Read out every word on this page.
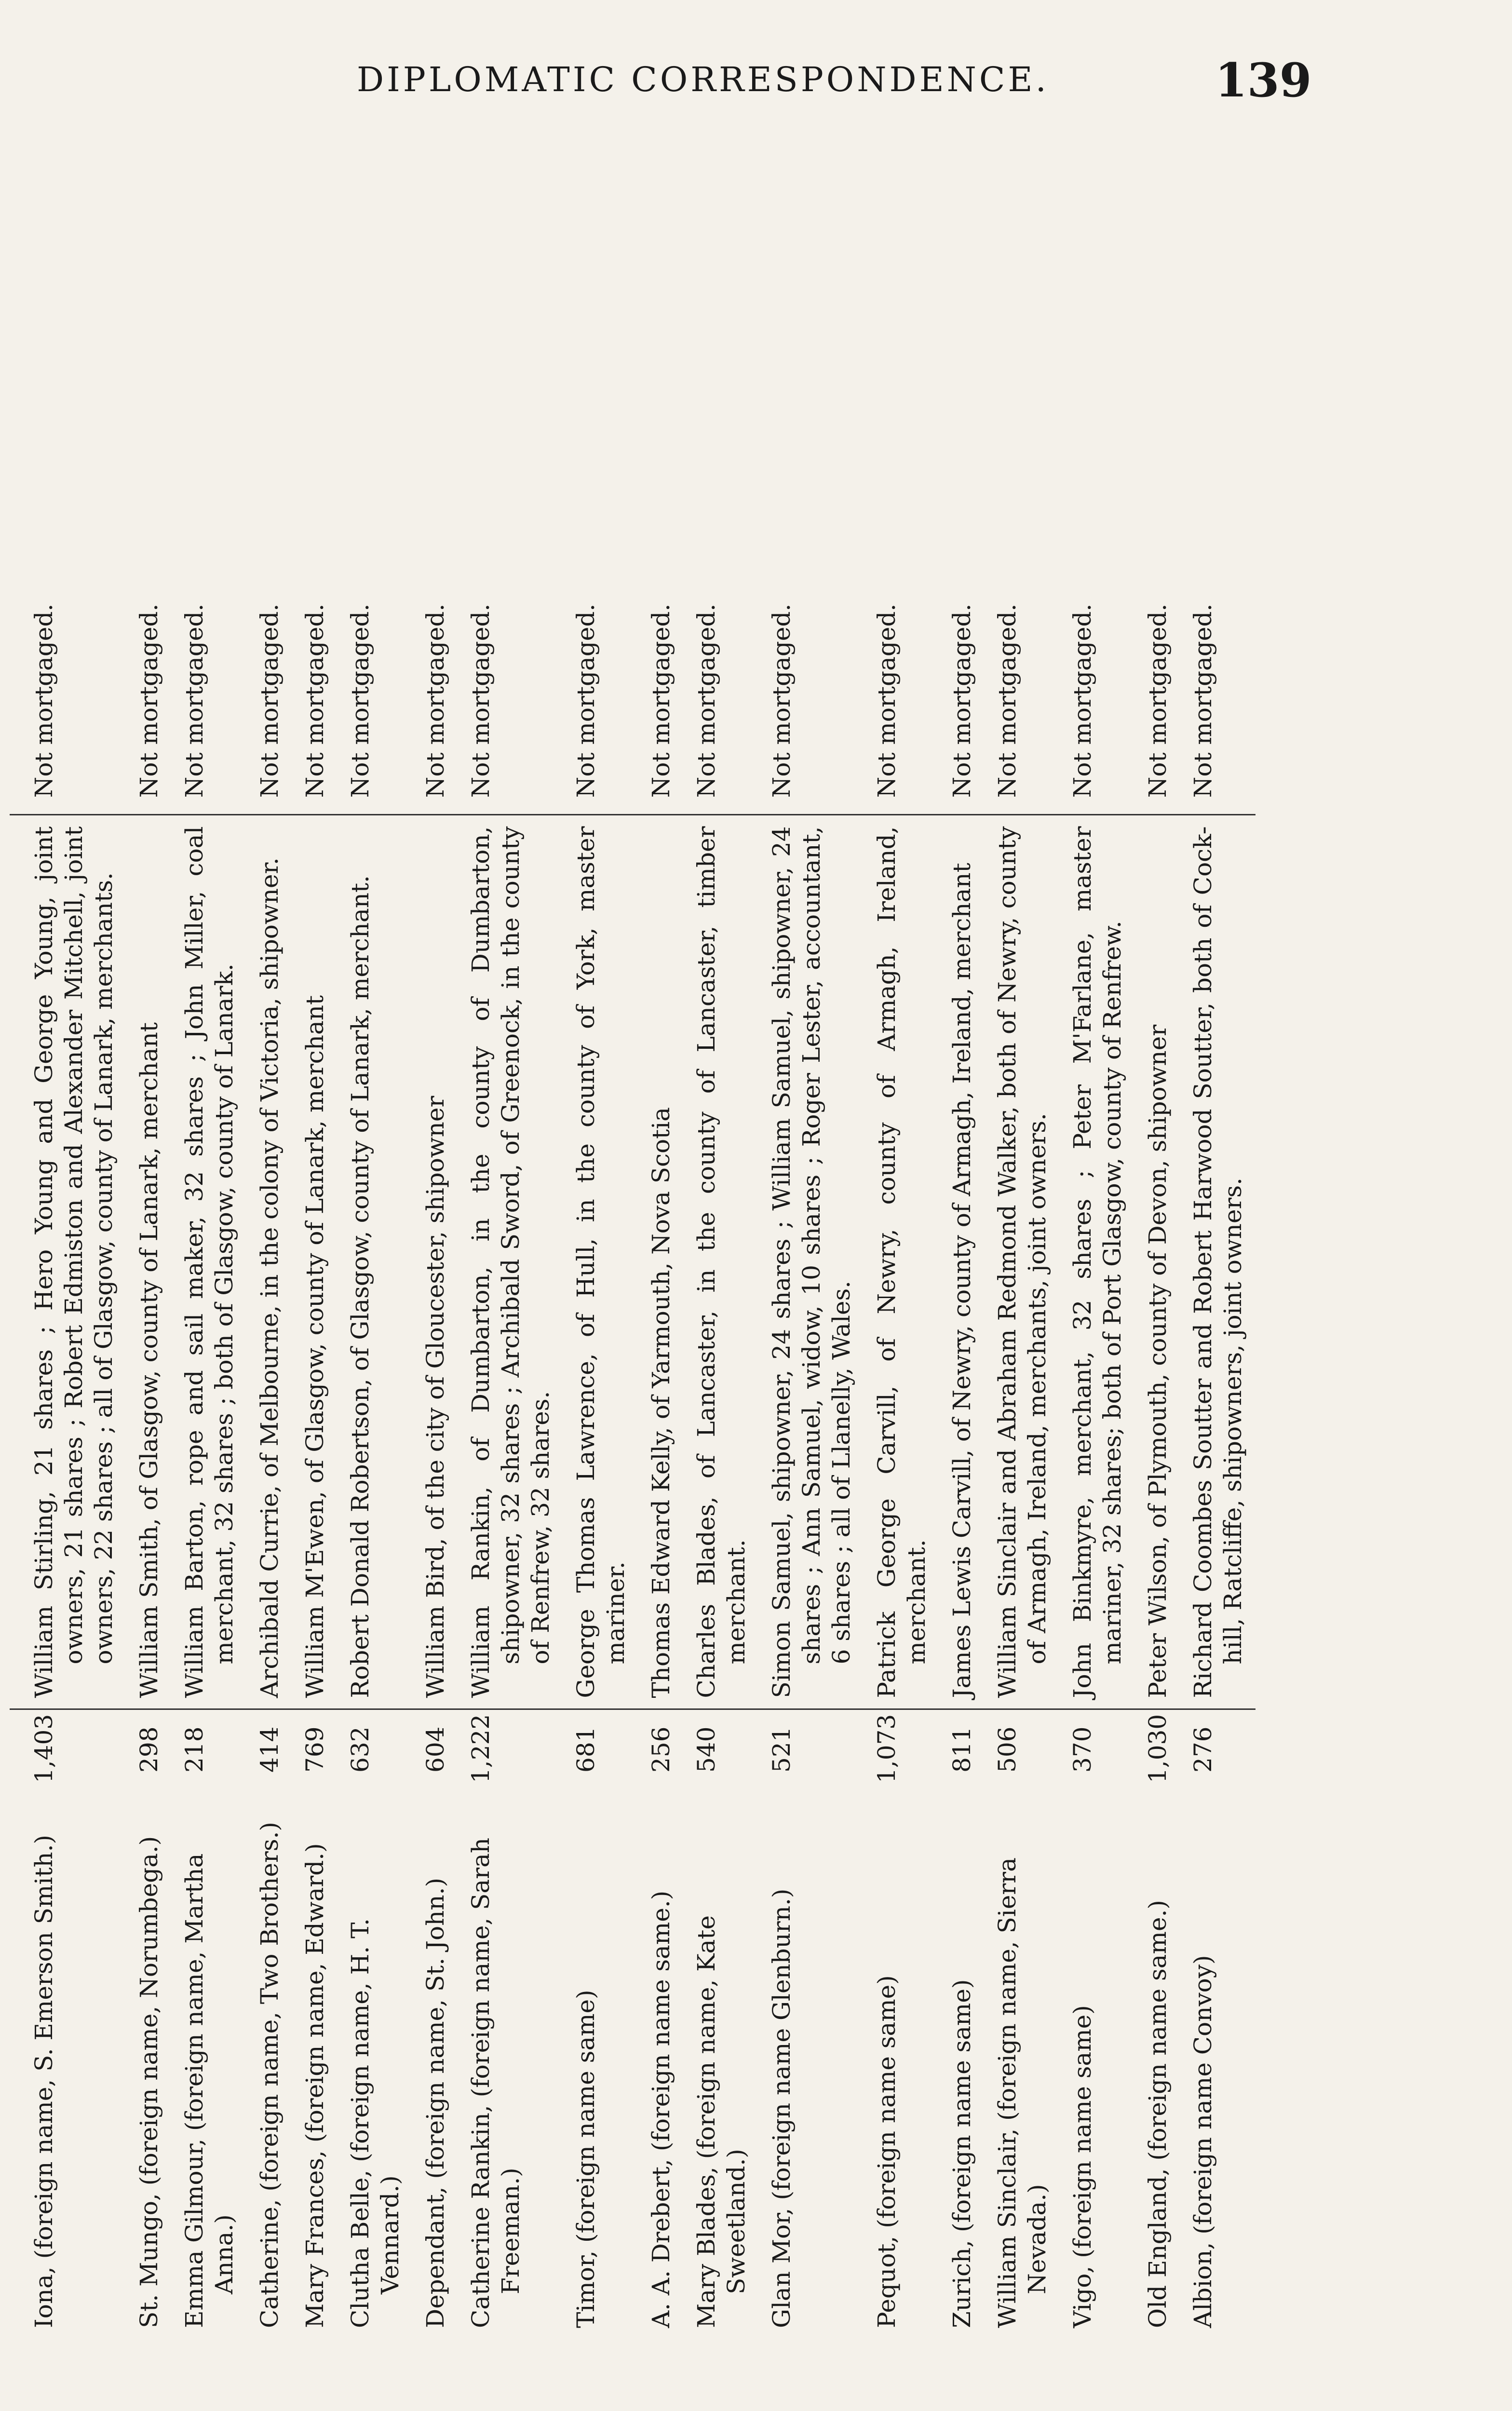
DIPLOMATIC CORRESPONDENCE.	139
Iona, (foreign name, S. Emerson Smith.)	1,403	William Stirling, 21 shares ; Hero Young and George Young, joint owners, 21 shares ; Robert Edmiston and Alexander Mitchell, joint owners, 22 shares ; all of Glasgow, county of Lanark, merchants.	Not mortgaged.

St. Mungo, (foreign name, Norumbega.)	298	William Smith, of Glasgow, county of Lanark, merchant	Not mortgaged.

Emma Gilmour, (foreign name, Martha Anna.)	218	William Barton, rope and sail maker, 32 shares ; John Miller, coal merchant, 32 shares ; both of Glasgow, county of Lanark.	Not mortgaged.

Catherine, (foreign name, Two Brothers.)	414	Archibald Currie, of Melbourne, in the colony of Victoria, shipowner.	Not mortgaged.

Mary Frances, (foreign name, Edward.)	769	William M'Ewen, of Glasgow, county of Lanark, merchant	Not mortgaged.

Clutha Belle, (foreign name, H. T. Vennard.)	632	Robert Donald Robertson, of Glasgow, county of Lanark, merchant.	Not mortgaged.

Dependant, (foreign name, St. John.)	604	William Bird, of the city of Gloucester, shipowner	Not mortgaged.

Catherine Rankin, (foreign name, Sarah Freeman.)	1,222	William Rankin, of Dumbarton, in the county of Dumbarton, shipowner, 32 shares ; Archibald Sword, of Greenock, in the county of Renfrew, 32 shares.	Not mortgaged.

Timor, (foreign name same)	681	George Thomas Lawrence, of Hull, in the county of York, master mariner.	Not mortgaged.

A. A. Drebert, (foreign name same.)	256	Thomas Edward Kelly, of Yarmouth, Nova Scotia	Not mortgaged.

Mary Blades, (foreign name, Kate Sweetland.)	540	Charles Blades, of Lancaster, in the county of Lancaster, timber merchant.	Not mortgaged.

Glan Mor, (foreign name Glenburn.)	521	Simon Samuel, shipowner, 24 shares ; William Samuel, shipowner, 24 shares ; Ann Samuel, widow, 10 shares ; Roger Lester, accountant, 6 shares ; all of Llanelly, Wales.	Not mortgaged.

Pequot, (foreign name same)	1,073	Patrick George Carvill, of Newry, county of Armagh, Ireland, merchant.	Not mortgaged.

Zurich, (foreign name same)	811	James Lewis Carvill, of Newry, county of Armagh, Ireland, merchant	Not mortgaged.

William Sinclair, (foreign name, Sierra Nevada.)	506	William Sinclair and Abraham Redmond Walker, both of Newry, county of Armagh, Ireland, merchants, joint owners.	Not mortgaged.

Vigo, (foreign name same)	370	John Binkmyre, merchant, 32 shares ; Peter M'Farlane, master mariner, 32 shares; both of Port Glasgow, county of Renfrew.	Not mortgaged.

Old England, (foreign name same.)	1,030	Peter Wilson, of Plymouth, county of Devon, shipowner	Not mortgaged.

Albion, (foreign name Convoy)	276	Richard Coombes Soutter and Robert Harwood Soutter, both of Cock-hill, Ratcliffe, shipowners, joint owners.	Not mortgaged.
